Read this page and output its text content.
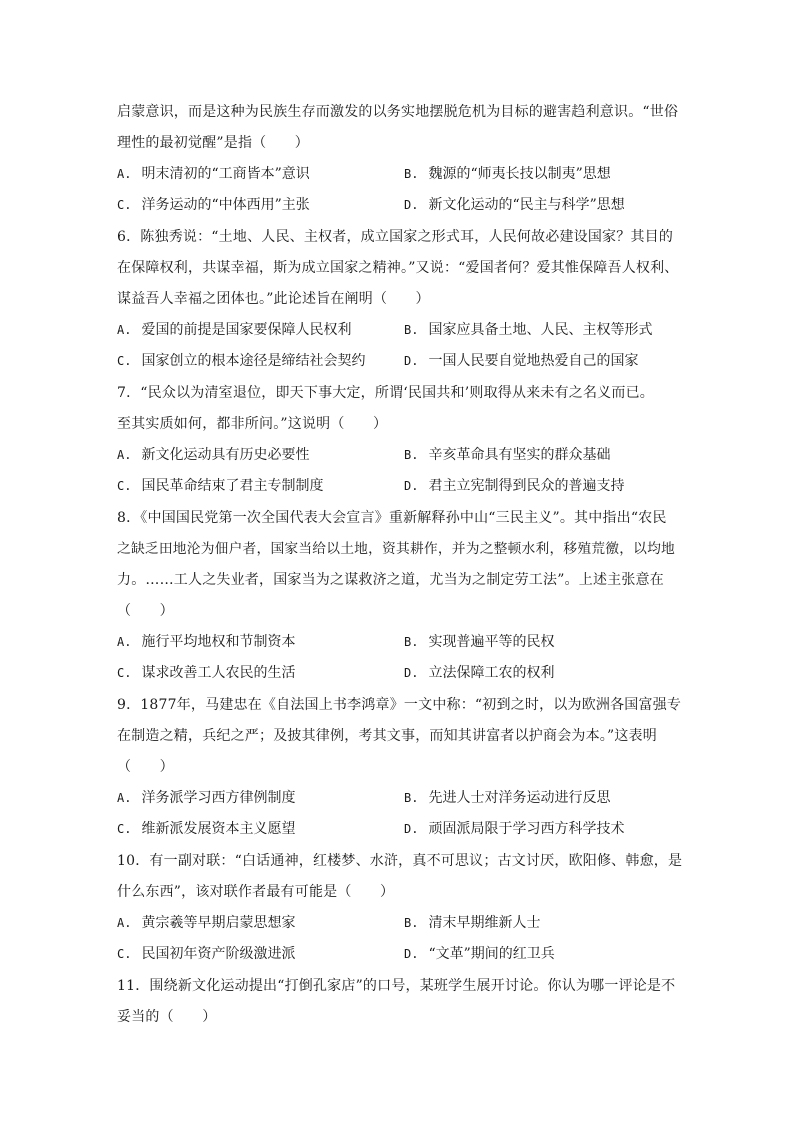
启蒙意识，而是这种为民族生存而激发的以务实地摆脱危机为目标的避害趋利意识。“世俗
理性的最初觉醒”是指（　　）
A. 明末清初的“工商皆本”意识	B. 魏源的“师夷长技以制夷”思想
C. 洋务运动的“中体西用”主张	D. 新文化运动的“民主与科学”思想
6．陈独秀说：“土地、人民、主权者，成立国家之形式耳，人民何故必建设国家？其目的
在保障权利，共谋幸福，斯为成立国家之精神。”又说：“爱国者何？爱其惟保障吾人权利、
谋益吾人幸福之团体也。”此论述旨在阐明（　　）
A. 爱国的前提是国家要保障人民权利	B. 国家应具备土地、人民、主权等形式
C. 国家创立的根本途径是缔结社会契约	D. 一国人民要自觉地热爱自己的国家
7．“民众以为清室退位，即天下事大定，所谓‘民国共和’则取得从来未有之名义而已。
至其实质如何，都非所问。”这说明（　　）
A. 新文化运动具有历史必要性	B. 辛亥革命具有坚实的群众基础
C. 国民革命结束了君主专制制度	D. 君主立宪制得到民众的普遍支持
8．《中国国民党第一次全国代表大会宣言》重新解释孙中山“三民主义”。其中指出“农民
之缺乏田地沦为佃户者，国家当给以土地，资其耕作，并为之整顿水利，移殖荒徼，以均地
力。……工人之失业者，国家当为之谋救济之道，尤当为之制定劳工法”。上述主张意在
（　　）
A. 施行平均地权和节制资本	B. 实现普遍平等的民权
C. 谋求改善工人农民的生活	D. 立法保障工农的权利
9．1877年，马建忠在《自法国上书李鸿章》一文中称：“初到之时，以为欧洲各国富强专
在制造之精，兵纪之严；及披其律例，考其文事，而知其讲富者以护商会为本。”这表明
（　　）
A. 洋务派学习西方律例制度	B. 先进人士对洋务运动进行反思
C. 维新派发展资本主义愿望	D. 顽固派局限于学习西方科学技术
10．有一副对联：“白话通神，红楼梦、水浒，真不可思议；古文讨厌，欧阳修、韩愈，是
什么东西”，该对联作者最有可能是（　　）
A. 黄宗羲等早期启蒙思想家	B. 清末早期维新人士
C. 民国初年资产阶级激进派	D. “文革”期间的红卫兵
11．围绕新文化运动提出“打倒孔家店”的口号，某班学生展开讨论。你认为哪一评论是不
妥当的（　　）
